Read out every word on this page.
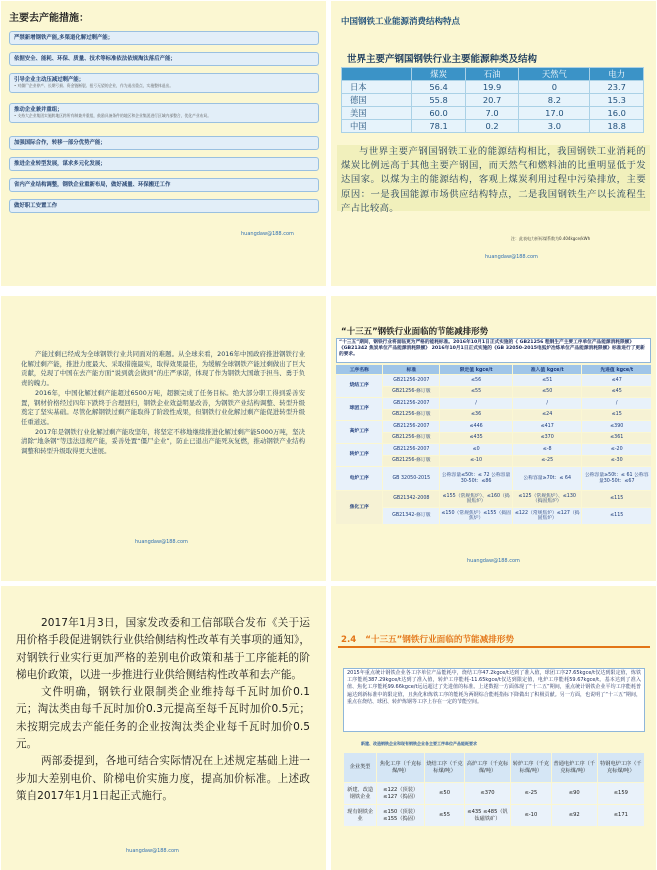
主要去产能措施：
严禁新增钢铁产能,多渠道化解过剩产能；
依据安全、能耗、环保、质量、技术等标准依法依规淘汰落后产能；
引导企业主动压减过剩产能；
• 对僵尸企业停产、长期亏损、资金链断裂、扭亏无望的企业，作为退出重点，实施整体退出。
推动企业兼并重组；
• 支持大企业集团实施跨地区跨所有制兼并重组，鼓励具备条件的地区和企业集团进行区域内部整合，优化产业布局。
加强国际合作，转移一部分优势产能；
推进企业转型发展，谋求多元化发展；
省内产业结构调整，钢铁企业重新布局，做好减量、环保搬迁工作
做好职工安置工作
huangdaw@188.com
中国钢铁工业能源消费结构特点
世界主要产钢国钢铁行业主要能源种类及结构
	煤炭	石油	天然气	电力
日本	56.4	19.9	0	23.7
德国	55.8	20.7	8.2	15.3
美国	60.0	7.0	17.0	16.0
中国	78.1	0.2	3.0	18.8
与世界主要产钢国钢铁工业的能源结构相比，我国钢铁工业消耗的煤炭比例远高于其他主要产钢国，而天然气和燃料油的比重明显低于发达国家。以煤为主的能源结构，客观上煤炭利用过程中污染排放，主要原因：一是我国能源市场供应结构特点，二是我国钢铁生产以长流程生产占比较高。
huangdaw@188.com
注：此表电力折标煤系数为0.404kgce/kWh

产能过剩已经成为全球钢铁行业共同面对的难题。从全球来看，2016年中国政府推进钢铁行业化解过剩产能，推进力度最大、采取措施最实，取得效果最佳，为缓解全球钢铁产能过剩做出了巨大贡献，兑现了中国在去产能方面“说到就会做到”的庄严承诺，体现了作为钢铁大国敢于担当、勇于负责的魄力。

2016年，中国化解过剩产能超过6500万吨，超额完成了任务目标。绝大部分职工得到妥善安置，钢材价格经过四年下跌终于合理回归，钢铁企业效益明显改善，为钢铁产业结构调整、转型升级奠定了坚实基础。尽管化解钢铁过剩产能取得了阶段性成果，但钢铁行业化解过剩产能促进转型升级任重道远。

2017年是钢铁行业化解过剩产能攻坚年，将坚定不移地继续推进化解过剩产能5000万吨，坚决清除“地条钢”等违法违规产能，妥善处置“僵尸企业”，防止已退出产能死灰复燃，推动钢铁产业结构调整和转型升级取得更大进展。

huangdaw@188.com
“十三五”钢铁行业面临的节能减排形势
“十三五”期间，钢铁行业将面临更为严格的能耗标准。2016年10月1日正式实施的《 GB21256 粗钢生产主要工序单位产品能源消耗限额》《GB21342 焦炭单位产品能源消耗限额》 2016年10月1日正式实施的《GB 32050-2015电弧炉冶炼单位产品能源消耗限额》标准进行了更新的要求。
工序名称	标准	限定值 kgce/t	准入值 kgce/t	先进值 kgce/t
烧结工序	GB21256-2007	≤56	≤51	≤47
	GB21256-修订版	≤55	≤50	≤45
球团工序	GB21256-2007	/	/	/
	GB21256-修订版	≤36	≤24	≤15
高炉工序	GB21256-2007	≤446	≤417	≤390
	GB21256-修订版	≤435	≤370	≤361
转炉工序	GB21256-2007	≤0	≤-8	≤-20
	GB21256-修订版	≤-10	≤-25	≤-30
电炉工序	GB 32050-2015	公称容量≤50t：≤ 72 公称容量30-50t：≤86	公称容量≥70t：≤ 64	公称容量≥50t：≤ 61 公称容量30-50t：≤67
焦化工序	GB21342-2008	≤155（常规焦炉）、≤160（捣固焦炉）	≤125（常规焦炉）、≤130（捣固焦炉）	≤115
	GB21342-修订版	≤150（常规焦炉）≤155（捣固焦炉）	≤122（常规焦炉）≤127（捣固焦炉）	≤115
huangdaw@188.com

2017年1月3日，国家发改委和工信部联合发布《关于运用价格手段促进钢铁行业供给侧结构性改革有关事项的通知》，对钢铁行业实行更加严格的差别电价政策和基于工序能耗的阶梯电价政策，以进一步推进行业供给侧结构性改革和去产能。

文件明确，钢铁行业限制类企业维持每千瓦时加价0.1元；淘汰类由每千瓦时加价0.3元提高至每千瓦时加价0.5元；未按期完成去产能任务的企业按淘汰类企业每千瓦时加价0.5元。

两部委提到，各地可结合实际情况在上述规定基础上进一步加大差别电价、阶梯电价实施力度，提高加价标准。上述政策自2017年1月1日起正式施行。

huangdaw@188.com
2.4 “十三五”钢铁行业面临的节能减排形势
2015年重点统计钢铁企业各工序单位产品能耗中，烧结工序47.2kgce/t达到了准入值，球团工序27.65kgce/t仅达到限定值，炼铁工序能耗387.29kgce/t达到了准入值，转炉工序能耗-11.65kgce/t仅达到限定值，电炉工序能耗59.67kgce/t。基本达到了准入值、焦化工序能耗99.66kgce/t远远超过了先进值的标准。上述数据一方面体现了“十二五”期间，重点统计钢铁企业平均工序能耗普遍达到新标准中的限定值，且焦化和炼铁工序的能耗为两钢综合能耗指标下降做出了积极贡献。另一方面，也说明了“十三五”期间，重点在烧结、球团、转炉炼钢等工序上存在一定的节能空间。
新建、改造钢铁企业和现有钢铁企业各主要工序单位产品能耗要求
企业类型	焦化工序（千克标煤/吨）	烧结工序（千克标煤/吨）	高炉工序（千克标煤/吨）	转炉工序（千克标煤/吨）	普通电炉工序（千克标煤/吨）	特钢电炉工序（千克标煤/吨）
新建、改造钢铁企业	≤122（顶装）≤127（捣固）	≤50	≤370	≤-25	≤90	≤159
现有钢铁企业	≤150（顶装）≤155（捣固）	≤55	≤435 ≤485（钒钛磁铁矿）	≤-10	≤92	≤171
